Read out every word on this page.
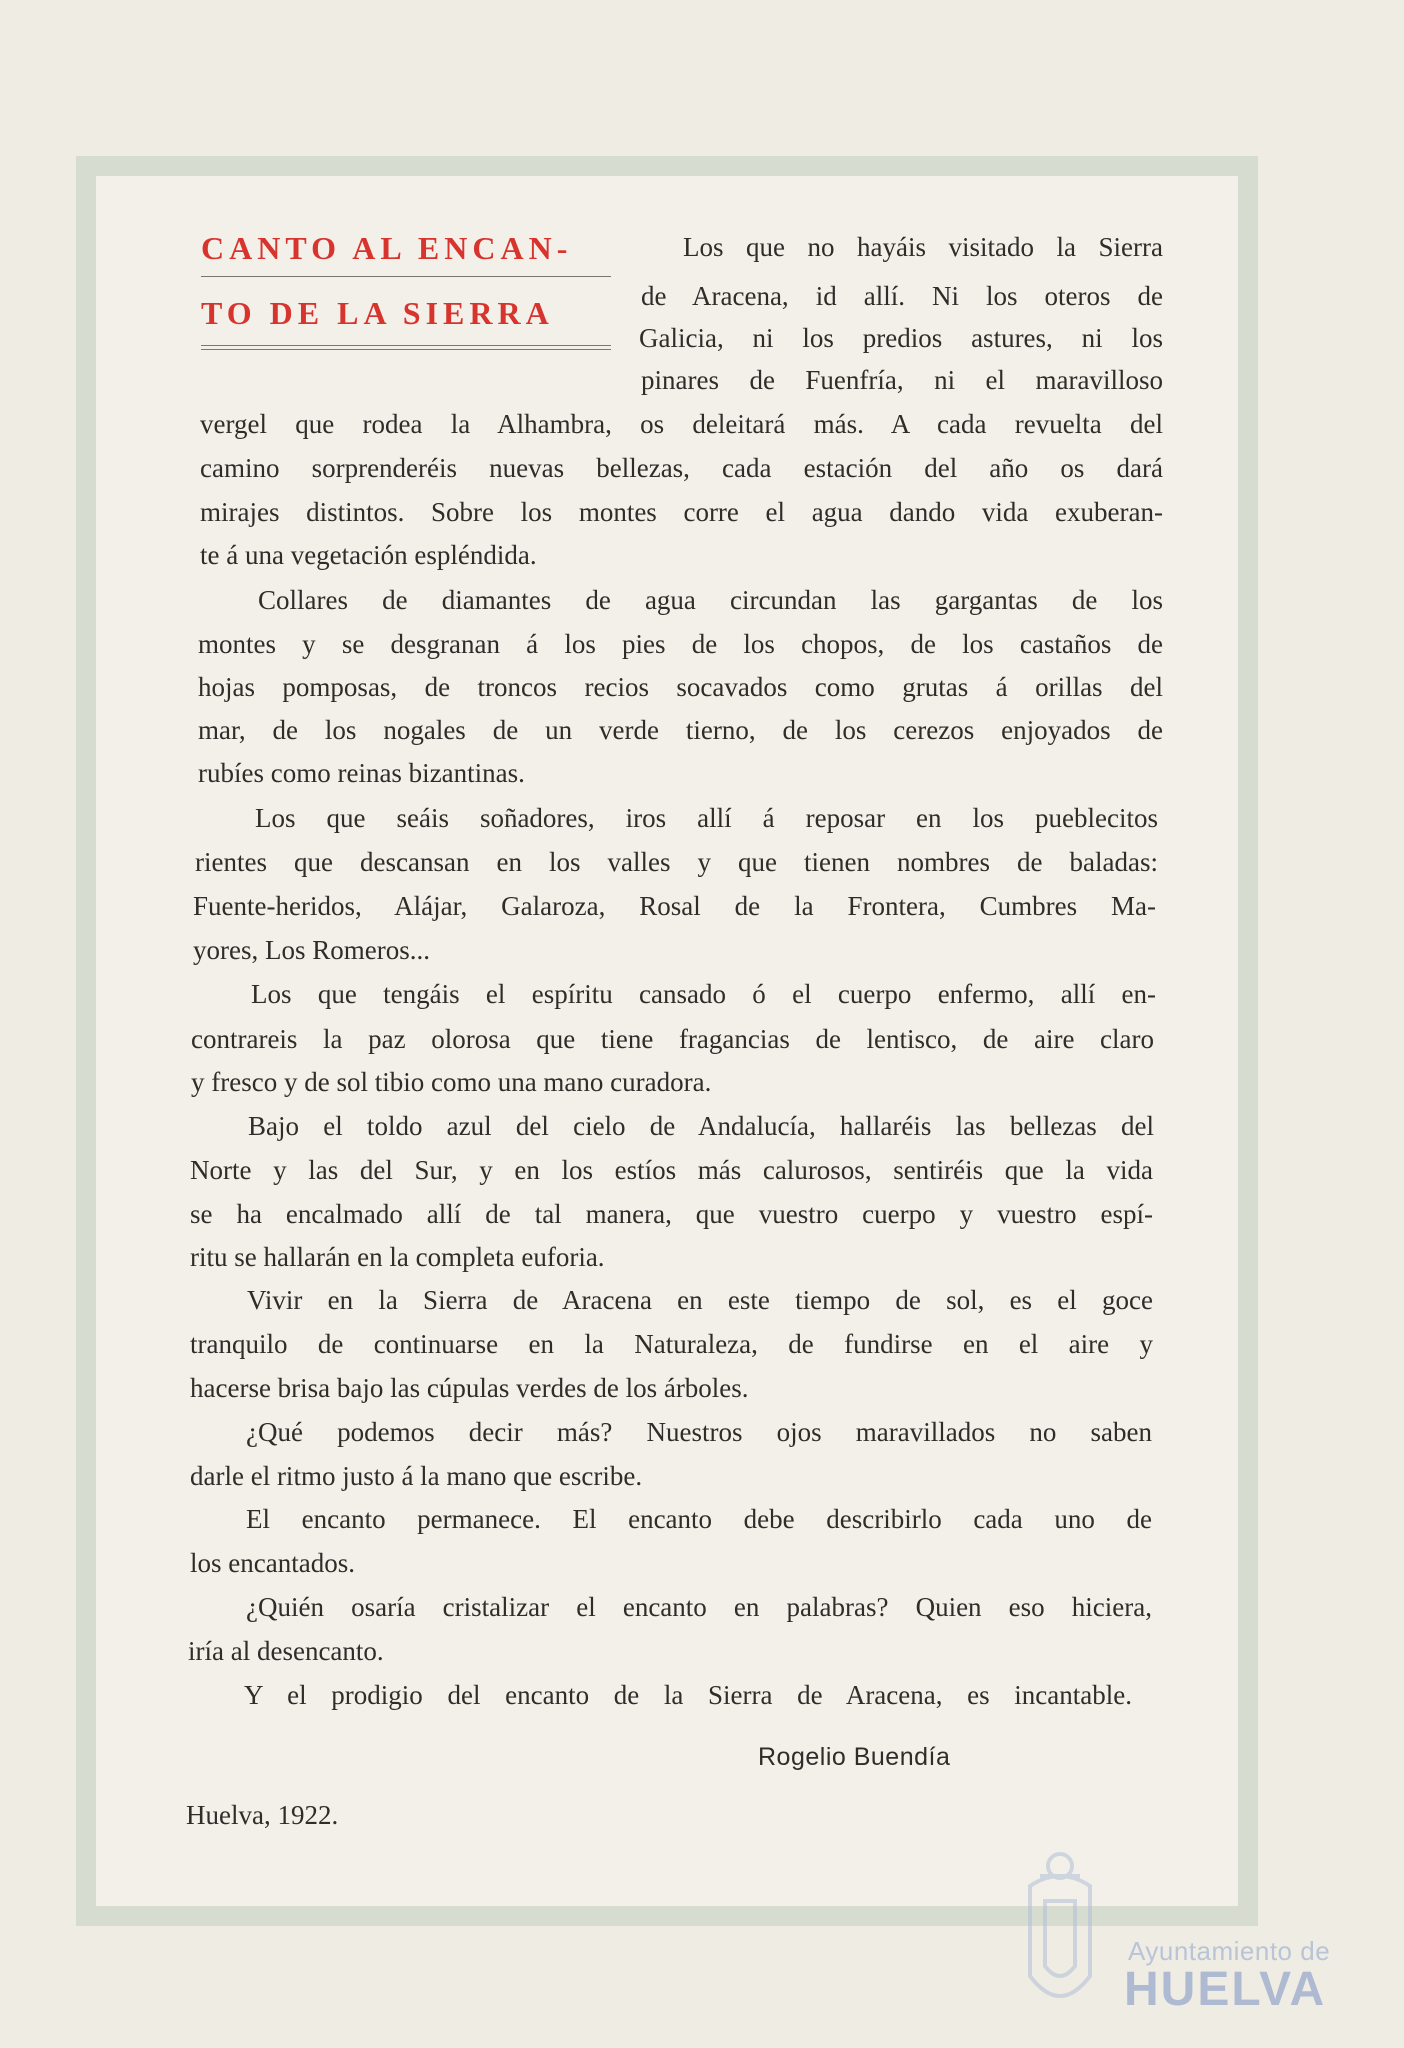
CANTO AL ENCAN-
TO DE LA SIERRA
Los que no hayáis visitado la Sierra
de Aracena, id allí. Ni los oteros de
Galicia, ni los predios astures, ni los
pinares de Fuenfría, ni el maravilloso
vergel que rodea la Alhambra, os deleitará más. A cada revuelta del
camino sorprenderéis nuevas bellezas, cada estación del año os dará
mirajes distintos. Sobre los montes corre el agua dando vida exuberan-
te á una vegetación espléndida.
Collares de diamantes de agua circundan las gargantas de los
montes y se desgranan á los pies de los chopos, de los castaños de
hojas pomposas, de troncos recios socavados como grutas á orillas del
mar, de los nogales de un verde tierno, de los cerezos enjoyados de
rubíes como reinas bizantinas.
Los que seáis soñadores, iros allí á reposar en los pueblecitos
rientes que descansan en los valles y que tienen nombres de baladas:
Fuente-heridos, Alájar, Galaroza, Rosal de la Frontera, Cumbres Ma-
yores, Los Romeros...
Los que tengáis el espíritu cansado ó el cuerpo enfermo, allí en-
contrareis la paz olorosa que tiene fragancias de lentisco, de aire claro
y fresco y de sol tibio como una mano curadora.
Bajo el toldo azul del cielo de Andalucía, hallaréis las bellezas del
Norte y las del Sur, y en los estíos más calurosos, sentiréis que la vida
se ha encalmado allí de tal manera, que vuestro cuerpo y vuestro espí-
ritu se hallarán en la completa euforia.
Vivir en la Sierra de Aracena en este tiempo de sol, es el goce
tranquilo de continuarse en la Naturaleza, de fundirse en el aire y
hacerse brisa bajo las cúpulas verdes de los árboles.
¿Qué podemos decir más? Nuestros ojos maravillados no saben
darle el ritmo justo á la mano que escribe.
El encanto permanece. El encanto debe describirlo cada uno de
los encantados.
¿Quién osaría cristalizar el encanto en palabras? Quien eso hiciera,
iría al desencanto.
Y el prodigio del encanto de la Sierra de Aracena, es incantable.
Rogelio Buendía
Huelva, 1922.
Ayuntamiento de
HUELVA
